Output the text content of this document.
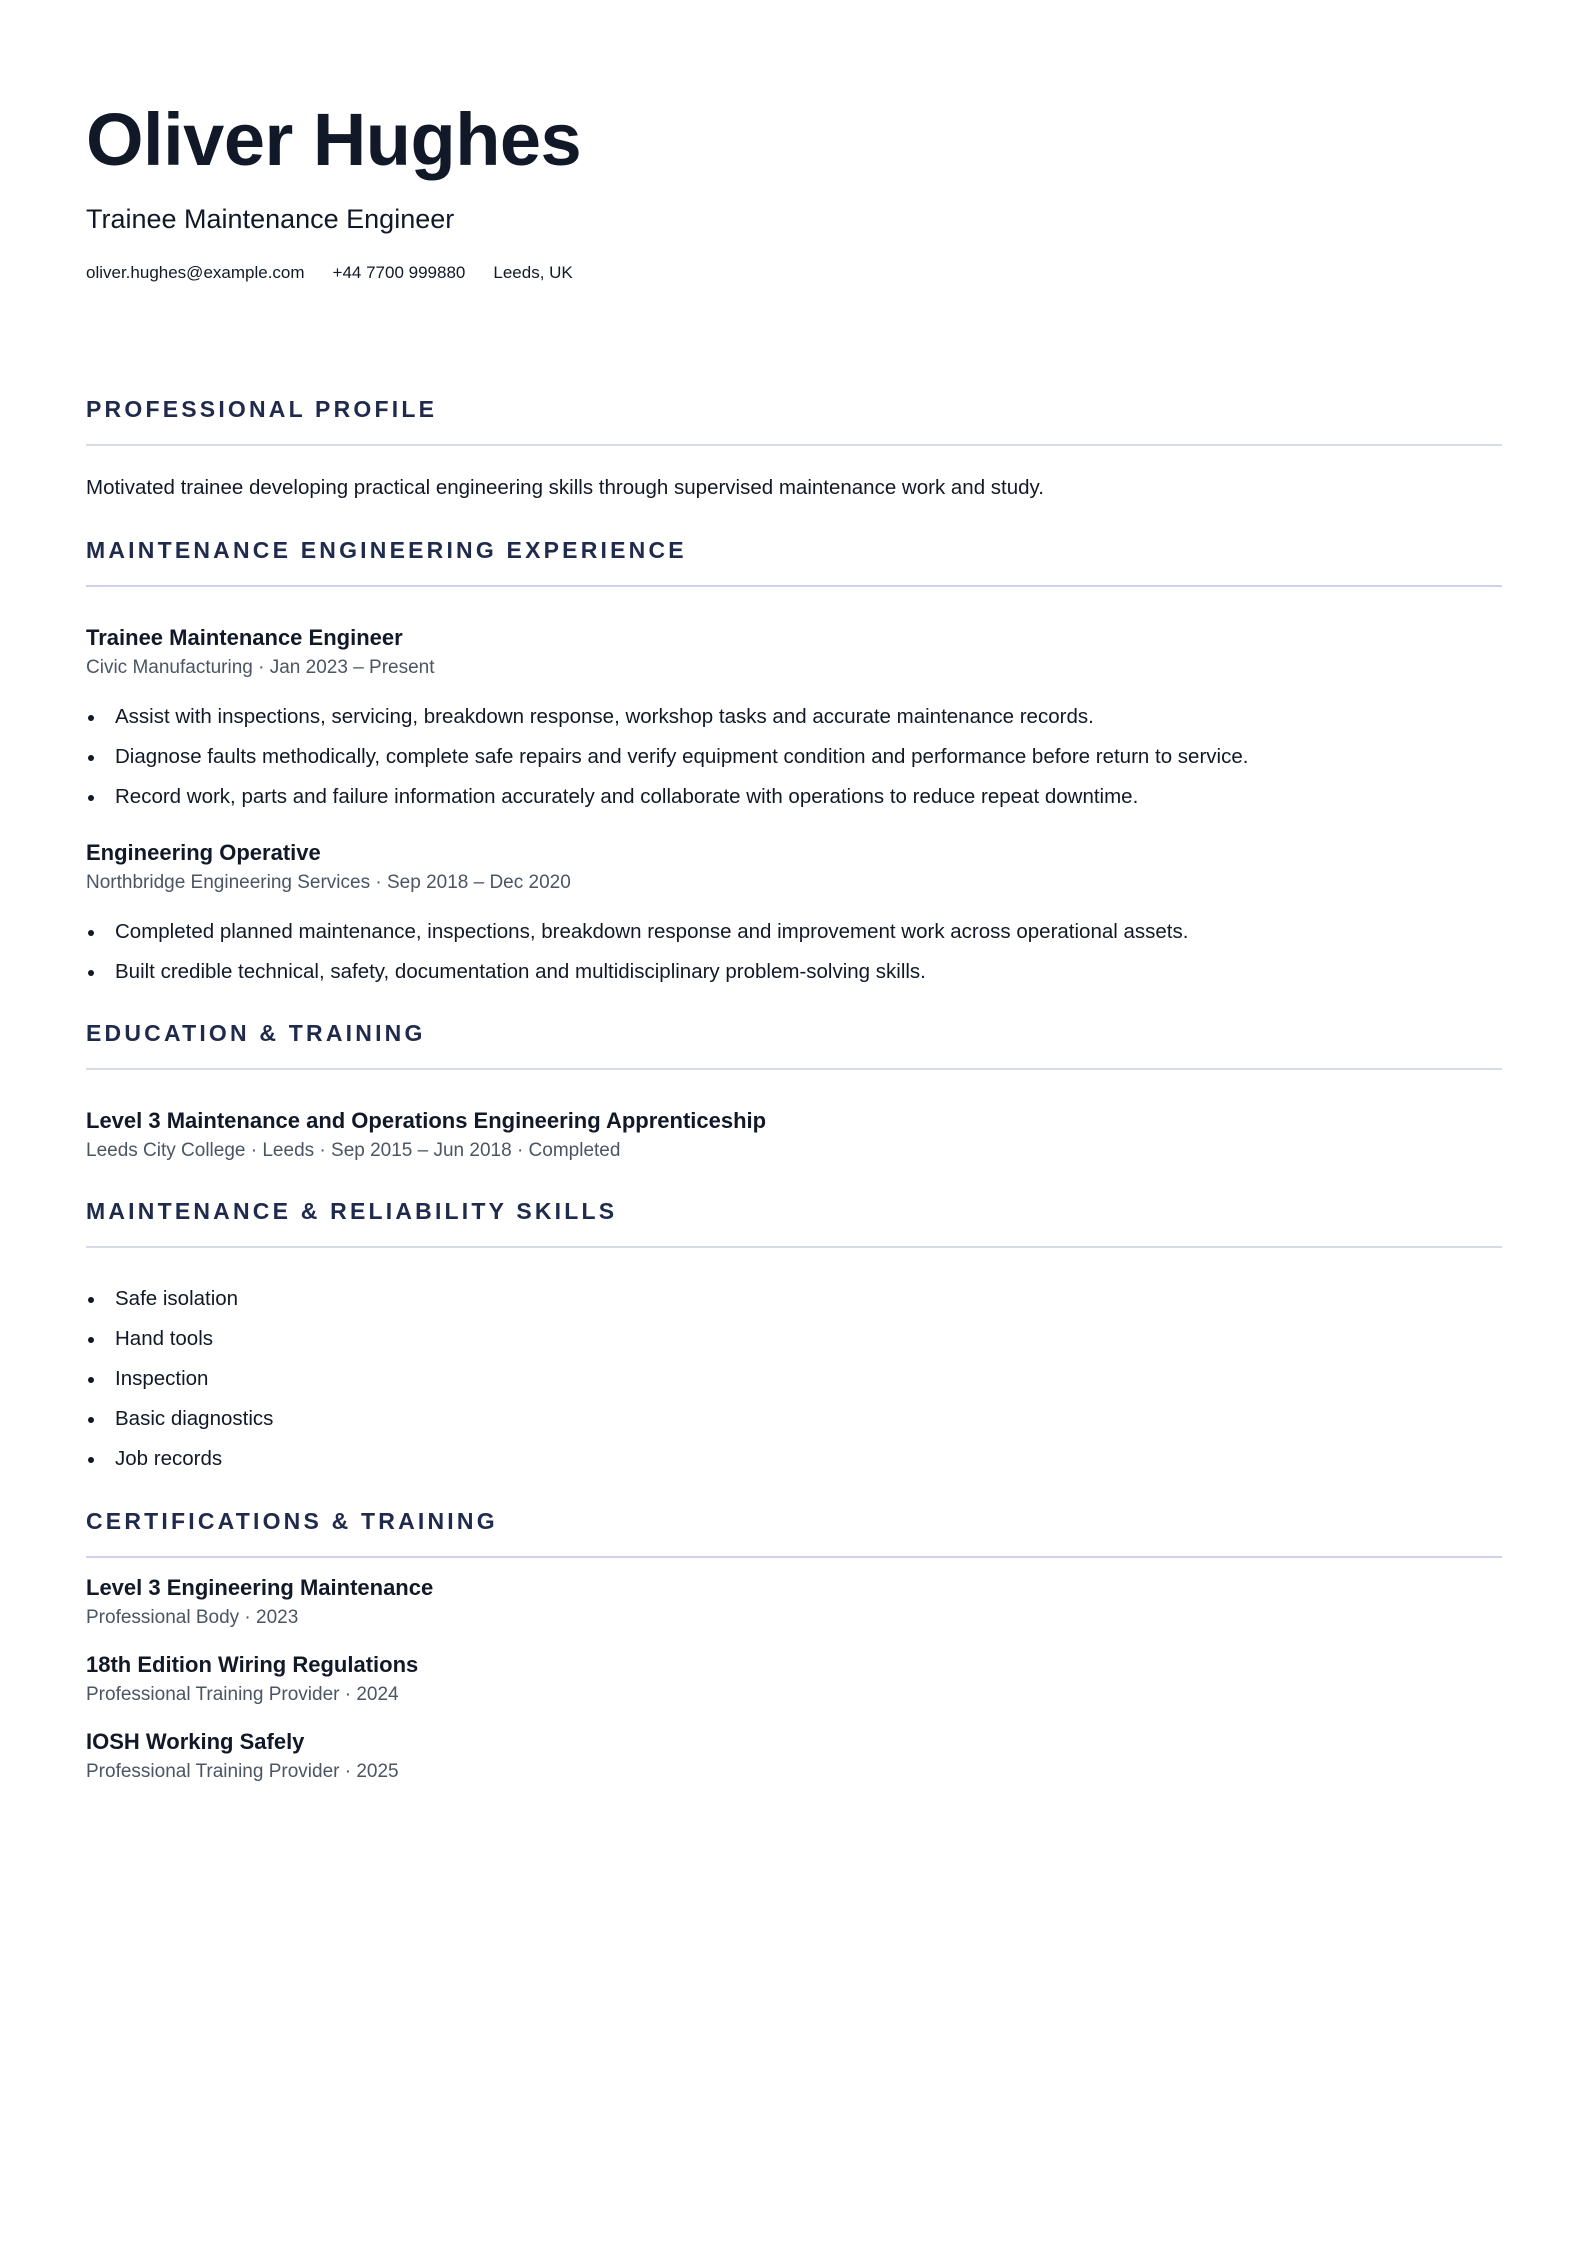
Oliver Hughes
Trainee Maintenance Engineer
oliver.hughes@example.com +44 7700 999880 Leeds, UK
PROFESSIONAL PROFILE

Motivated trainee developing practical engineering skills through supervised maintenance work and study.

MAINTENANCE ENGINEERING EXPERIENCE
Trainee Maintenance Engineer
Civic Manufacturing · Jan 2023 – Present
Assist with inspections, servicing, breakdown response, workshop tasks and accurate maintenance records.
Diagnose faults methodically, complete safe repairs and verify equipment condition and performance before return to service.
Record work, parts and failure information accurately and collaborate with operations to reduce repeat downtime.
Engineering Operative
Northbridge Engineering Services · Sep 2018 – Dec 2020
Completed planned maintenance, inspections, breakdown response and improvement work across operational assets.
Built credible technical, safety, documentation and multidisciplinary problem-solving skills.
EDUCATION & TRAINING
Level 3 Maintenance and Operations Engineering Apprenticeship
Leeds City College · Leeds · Sep 2015 – Jun 2018 · Completed
MAINTENANCE & RELIABILITY SKILLS
Safe isolation
Hand tools
Inspection
Basic diagnostics
Job records
CERTIFICATIONS & TRAINING
Level 3 Engineering Maintenance
Professional Body · 2023
18th Edition Wiring Regulations
Professional Training Provider · 2024
IOSH Working Safely
Professional Training Provider · 2025
